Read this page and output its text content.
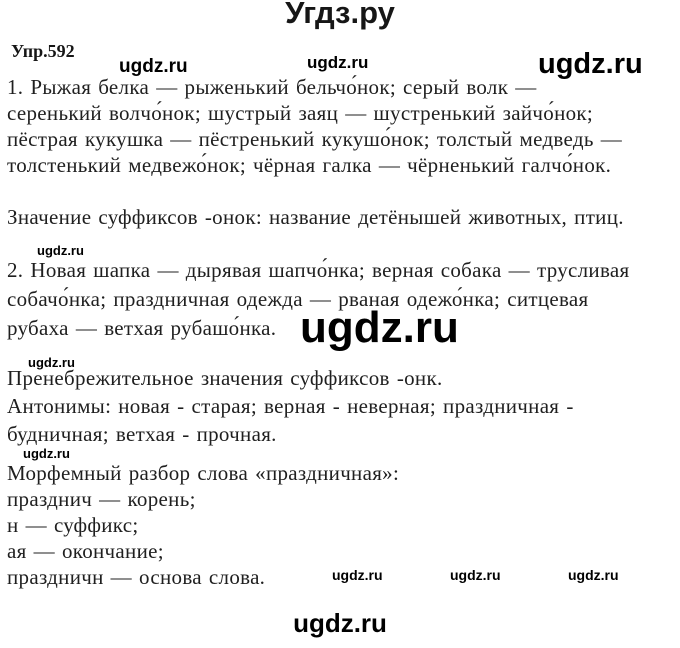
Угдз.ру
Упр.592
ugdz.ru	ugdz.ru	ugdz.ru
ugdz.ru
ugdz.ru
ugdz.ru
ugdz.ru
ugdz.ru	ugdz.ru	ugdz.ru
ugdz.ru
1. Рыжая белка — рыженький бельчо́нок; серый волк —
серенький волчо́нок; шустрый заяц — шустренький зайчо́нок;
пёстрая кукушка — пёстренький кукушо́нок; толстый медведь —
толстенький медвежо́нок; чёрная галка — чёрненький галчо́нок.
Значение суффиксов -онок: название детёнышей животных, птиц.
2. Новая шапка — дырявая шапчо́нка; верная собака — трусливая
собачо́нка; праздничная одежда — рваная одежо́нка; ситцевая
рубаха — ветхая рубашо́нка.
Пренебрежительное значения суффиксов -онк.
Антонимы: новая - старая; верная - неверная; праздничная -
будничная; ветхая - прочная.
Морфемный разбор слова «праздничная»:
празднич — корень;
н — суффикс;
ая — окончание;
праздничн — основа слова.
